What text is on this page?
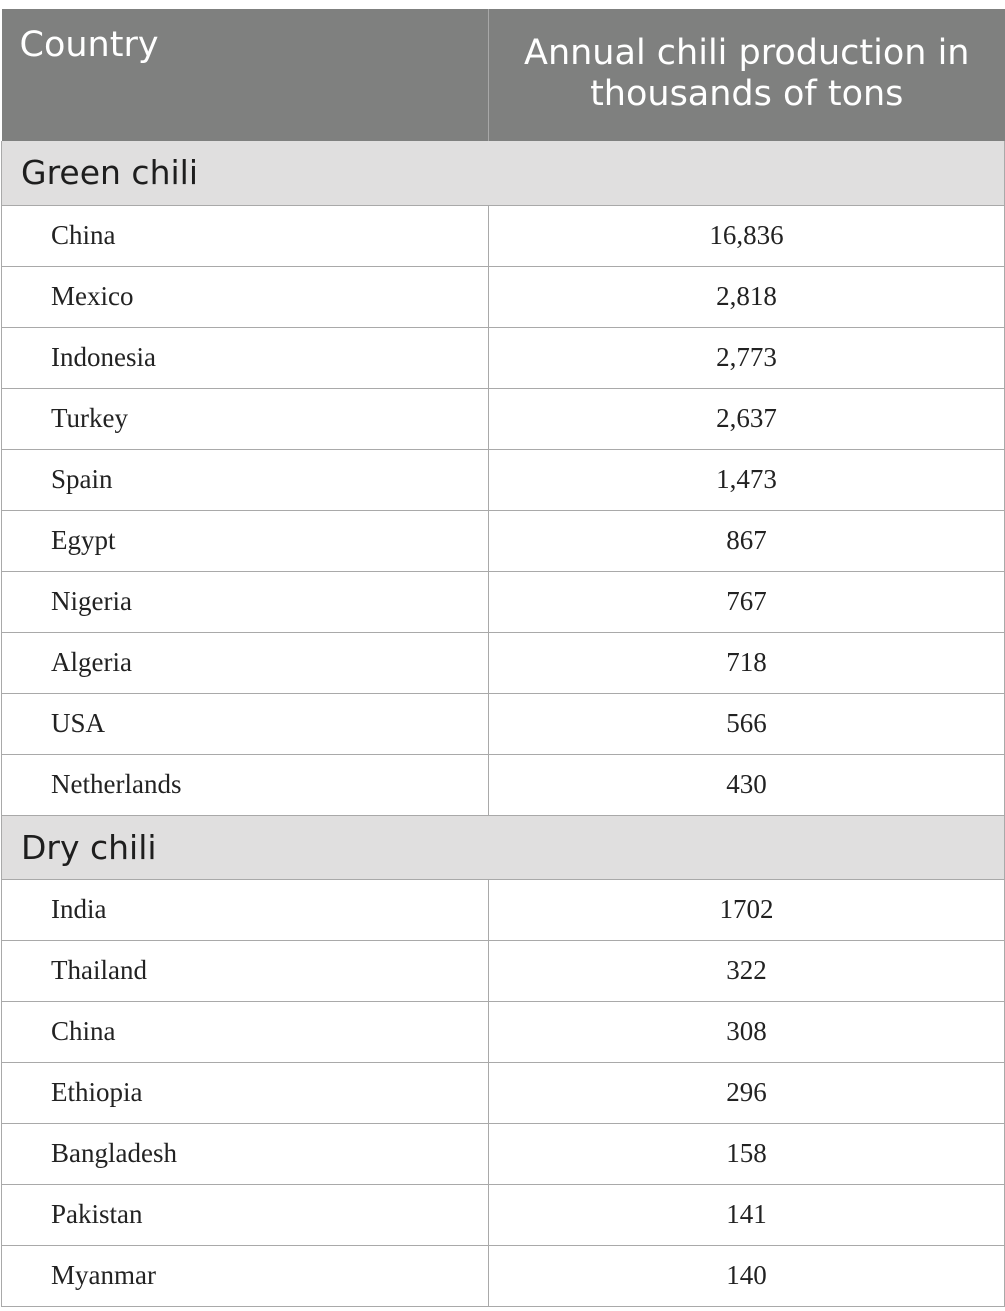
Country	Annual chili production in thousands of tons
Green chili	
China	16,836
Mexico	2,818
Indonesia	2,773
Turkey	2,637
Spain	1,473
Egypt	867
Nigeria	767
Algeria	718
USA	566
Netherlands	430
Dry chili	
India	1702
Thailand	322
China	308
Ethiopia	296
Bangladesh	158
Pakistan	141
Myanmar	140
